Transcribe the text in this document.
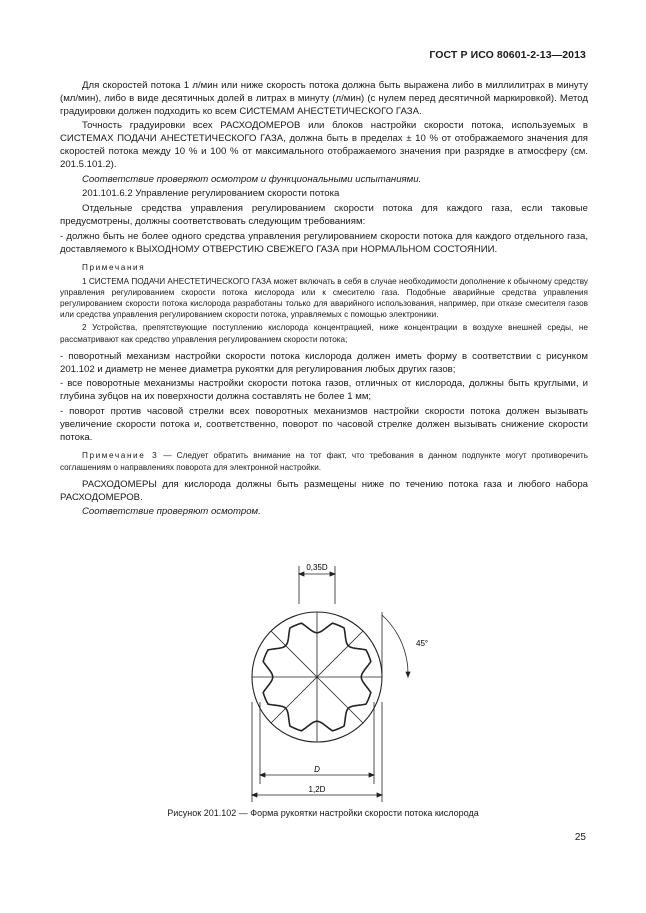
ГОСТ Р ИСО 80601-2-13—2013

Для скоростей потока 1 л/мин или ниже скорость потока должна быть выражена либо в миллилитрах в минуту (мл/мин), либо в виде десятичных долей в литрах в минуту (л/мин) (с нулем перед десятичной маркировкой). Метод градуировки должен подходить ко всем СИСТЕМАМ АНЕСТЕТИЧЕСКОГО ГАЗА.

Точность градуировки всех РАСХОДОМЕРОВ или блоков настройки скорости потока, используемых в СИСТЕМАХ ПОДАЧИ АНЕСТЕТИЧЕСКОГО ГАЗА, должна быть в пределах ± 10 % от отображаемого значения для скоростей потока между 10 % и 100 % от максимального отображаемого значения при разрядке в атмосферу (см. 201.5.101.2).

Соответствие проверяют осмотром и функциональными испытаниями.

201.101.6.2 Управление регулированием скорости потока

Отдельные средства управления регулированием скорости потока для каждого газа, если таковые предусмотрены, должны соответствовать следующим требованиям:

- должно быть не более одного средства управления регулированием скорости потока для каждого отдельного газа, доставляемого к ВЫХОДНОМУ ОТВЕРСТИЮ СВЕЖЕГО ГАЗА при НОРМАЛЬНОМ СОСТОЯНИИ.

Примечания

1 СИСТЕМА ПОДАЧИ АНЕСТЕТИЧЕСКОГО ГАЗА может включать в себя в случае необходимости дополнение к обычному средству управления регулированием скорости потока кислорода или к смесителю газа. Подобные аварийные средства управления регулированием скорости потока кислорода разработаны только для аварийного использования, например, при отказе смесителя газов или средства управления регулированием скорости потока, управляемых с помощью электроники.

2 Устройства, препятствующие поступлению кислорода концентрацией, ниже концентрации в воздухе внешней среды, не рассматривают как средство управления регулированием скорости потока;

- поворотный механизм настройки скорости потока кислорода должен иметь форму в соответствии с рисунком 201.102 и диаметр не менее диаметра рукоятки для регулирования любых других газов;

- все поворотные механизмы настройки скорости потока газов, отличных от кислорода, должны быть круглыми, и глубина зубцов на их поверхности должна составлять не более 1 мм;

- поворот против часовой стрелки всех поворотных механизмов настройки скорости потока должен вызывать увеличение скорости потока и, соответственно, поворот по часовой стрелке должен вызывать снижение скорости потока.

Примечание 3 — Следует обратить внимание на тот факт, что требования в данном подпункте могут противоречить соглашениям о направлениях поворота для электронной настройки.

РАСХОДОМЕРЫ для кислорода должны быть размещены ниже по течению потока газа и любого набора РАСХОДОМЕРОВ.

Соответствие проверяют осмотром.

0,35D
45°
D
1,2D
Рисунок 201.102 — Форма рукоятки настройки скорости потока кислорода
25
